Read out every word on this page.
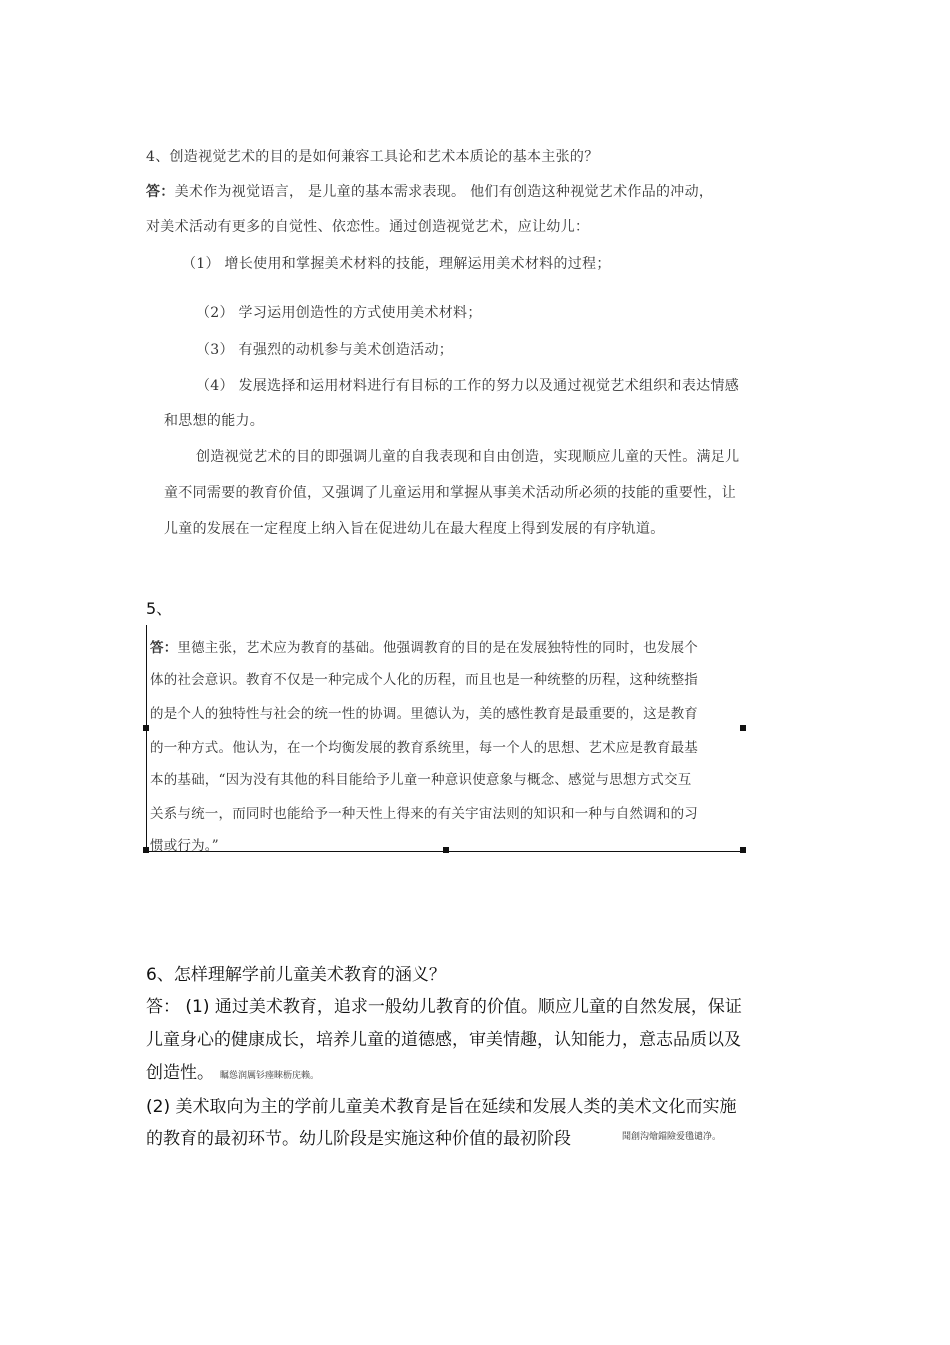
4、创造视觉艺术的目的是如何兼容工具论和艺术本质论的基本主张的？
答：美术作为视觉语言， 是儿童的基本需求表现。 他们有创造这种视觉艺术作品的冲动，
对美术活动有更多的自觉性、依恋性。通过创造视觉艺术，应让幼儿：
（1） 增长使用和掌握美术材料的技能，理解运用美术材料的过程；
（2） 学习运用创造性的方式使用美术材料；
（3） 有强烈的动机参与美术创造活动；
（4） 发展选择和运用材料进行有目标的工作的努力以及通过视觉艺术组织和表达情感
和思想的能力。
创造视觉艺术的目的即强调儿童的自我表现和自由创造，实现顺应儿童的天性。满足儿
童不同需要的教育价值，又强调了儿童运用和掌握从事美术活动所必须的技能的重要性，让
儿童的发展在一定程度上纳入旨在促进幼儿在最大程度上得到发展的有序轨道。
5、
答：里德主张，艺术应为教育的基础。他强调教育的目的是在发展独特性的同时，也发展个
体的社会意识。教育不仅是一种完成个人化的历程，而且也是一种统整的历程，这种统整指
的是个人的独特性与社会的统一性的协调。里德认为，美的感性教育是最重要的，这是教育
的一种方式。他认为，在一个均衡发展的教育系统里，每一个人的思想、艺术应是教育最基
本的基础，“因为没有其他的科目能给予儿童一种意识使意象与概念、感觉与思想方式交互
关系与统一，而同时也能给予一种天性上得来的有关宇宙法则的知识和一种与自然调和的习
惯或行为。”
6、怎样理解学前儿童美术教育的涵义？
答： (1) 通过美术教育，追求一般幼儿教育的价值。顺应儿童的自然发展，保证
儿童身心的健康成长，培养儿童的道德感，审美情趣，认知能力，意志品质以及
创造性。 瞩慫润厲钐瘗睞枥庑赖。
(2) 美术取向为主的学前儿童美术教育是旨在延续和发展人类的美术文化而实施
的教育的最初环节。幼儿阶段是实施这种价值的最初阶段	聞創沟燴鐺險爱氇谴净。
